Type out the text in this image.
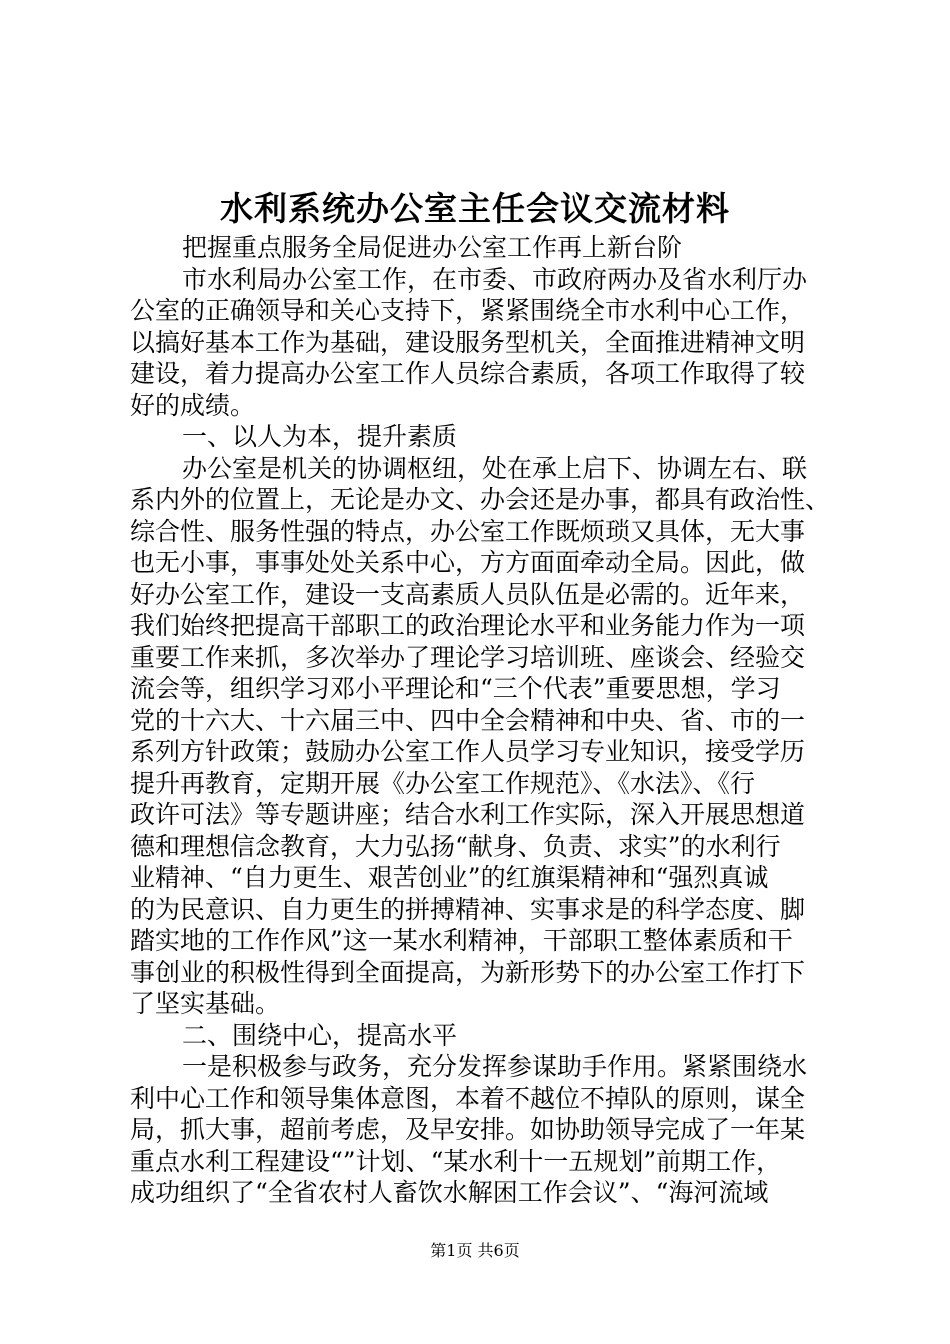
水利系统办公室主任会议交流材料
把握重点服务全局促进办公室工作再上新台阶
市水利局办公室工作，在市委、市政府两办及省水利厅办
公室的正确领导和关心支持下，紧紧围绕全市水利中心工作，
以搞好基本工作为基础，建设服务型机关，全面推进精神文明
建设，着力提高办公室工作人员综合素质，各项工作取得了较
好的成绩。
一、以人为本，提升素质
办公室是机关的协调枢纽，处在承上启下、协调左右、联
系内外的位置上，无论是办文、办会还是办事，都具有政治性、
综合性、服务性强的特点，办公室工作既烦琐又具体，无大事
也无小事，事事处处关系中心，方方面面牵动全局。因此，做
好办公室工作，建设一支高素质人员队伍是必需的。近年来，
我们始终把提高干部职工的政治理论水平和业务能力作为一项
重要工作来抓，多次举办了理论学习培训班、座谈会、经验交
流会等，组织学习邓小平理论和“三个代表”重要思想，学习
党的十六大、十六届三中、四中全会精神和中央、省、市的一
系列方针政策；鼓励办公室工作人员学习专业知识，接受学历
提升再教育，定期开展《办公室工作规范》、《水法》、《行
政许可法》等专题讲座；结合水利工作实际，深入开展思想道
德和理想信念教育，大力弘扬“献身、负责、求实”的水利行
业精神、“自力更生、艰苦创业”的红旗渠精神和“强烈真诚
的为民意识、自力更生的拼搏精神、实事求是的科学态度、脚
踏实地的工作作风”这一某水利精神，干部职工整体素质和干
事创业的积极性得到全面提高，为新形势下的办公室工作打下
了坚实基础。
二、围绕中心，提高水平
一是积极参与政务，充分发挥参谋助手作用。紧紧围绕水
利中心工作和领导集体意图，本着不越位不掉队的原则，谋全
局，抓大事，超前考虑，及早安排。如协助领导完成了一年某
重点水利工程建设“”计划、“某水利十一五规划”前期工作，
成功组织了“全省农村人畜饮水解困工作会议”、“海河流域
第1页 共6页
